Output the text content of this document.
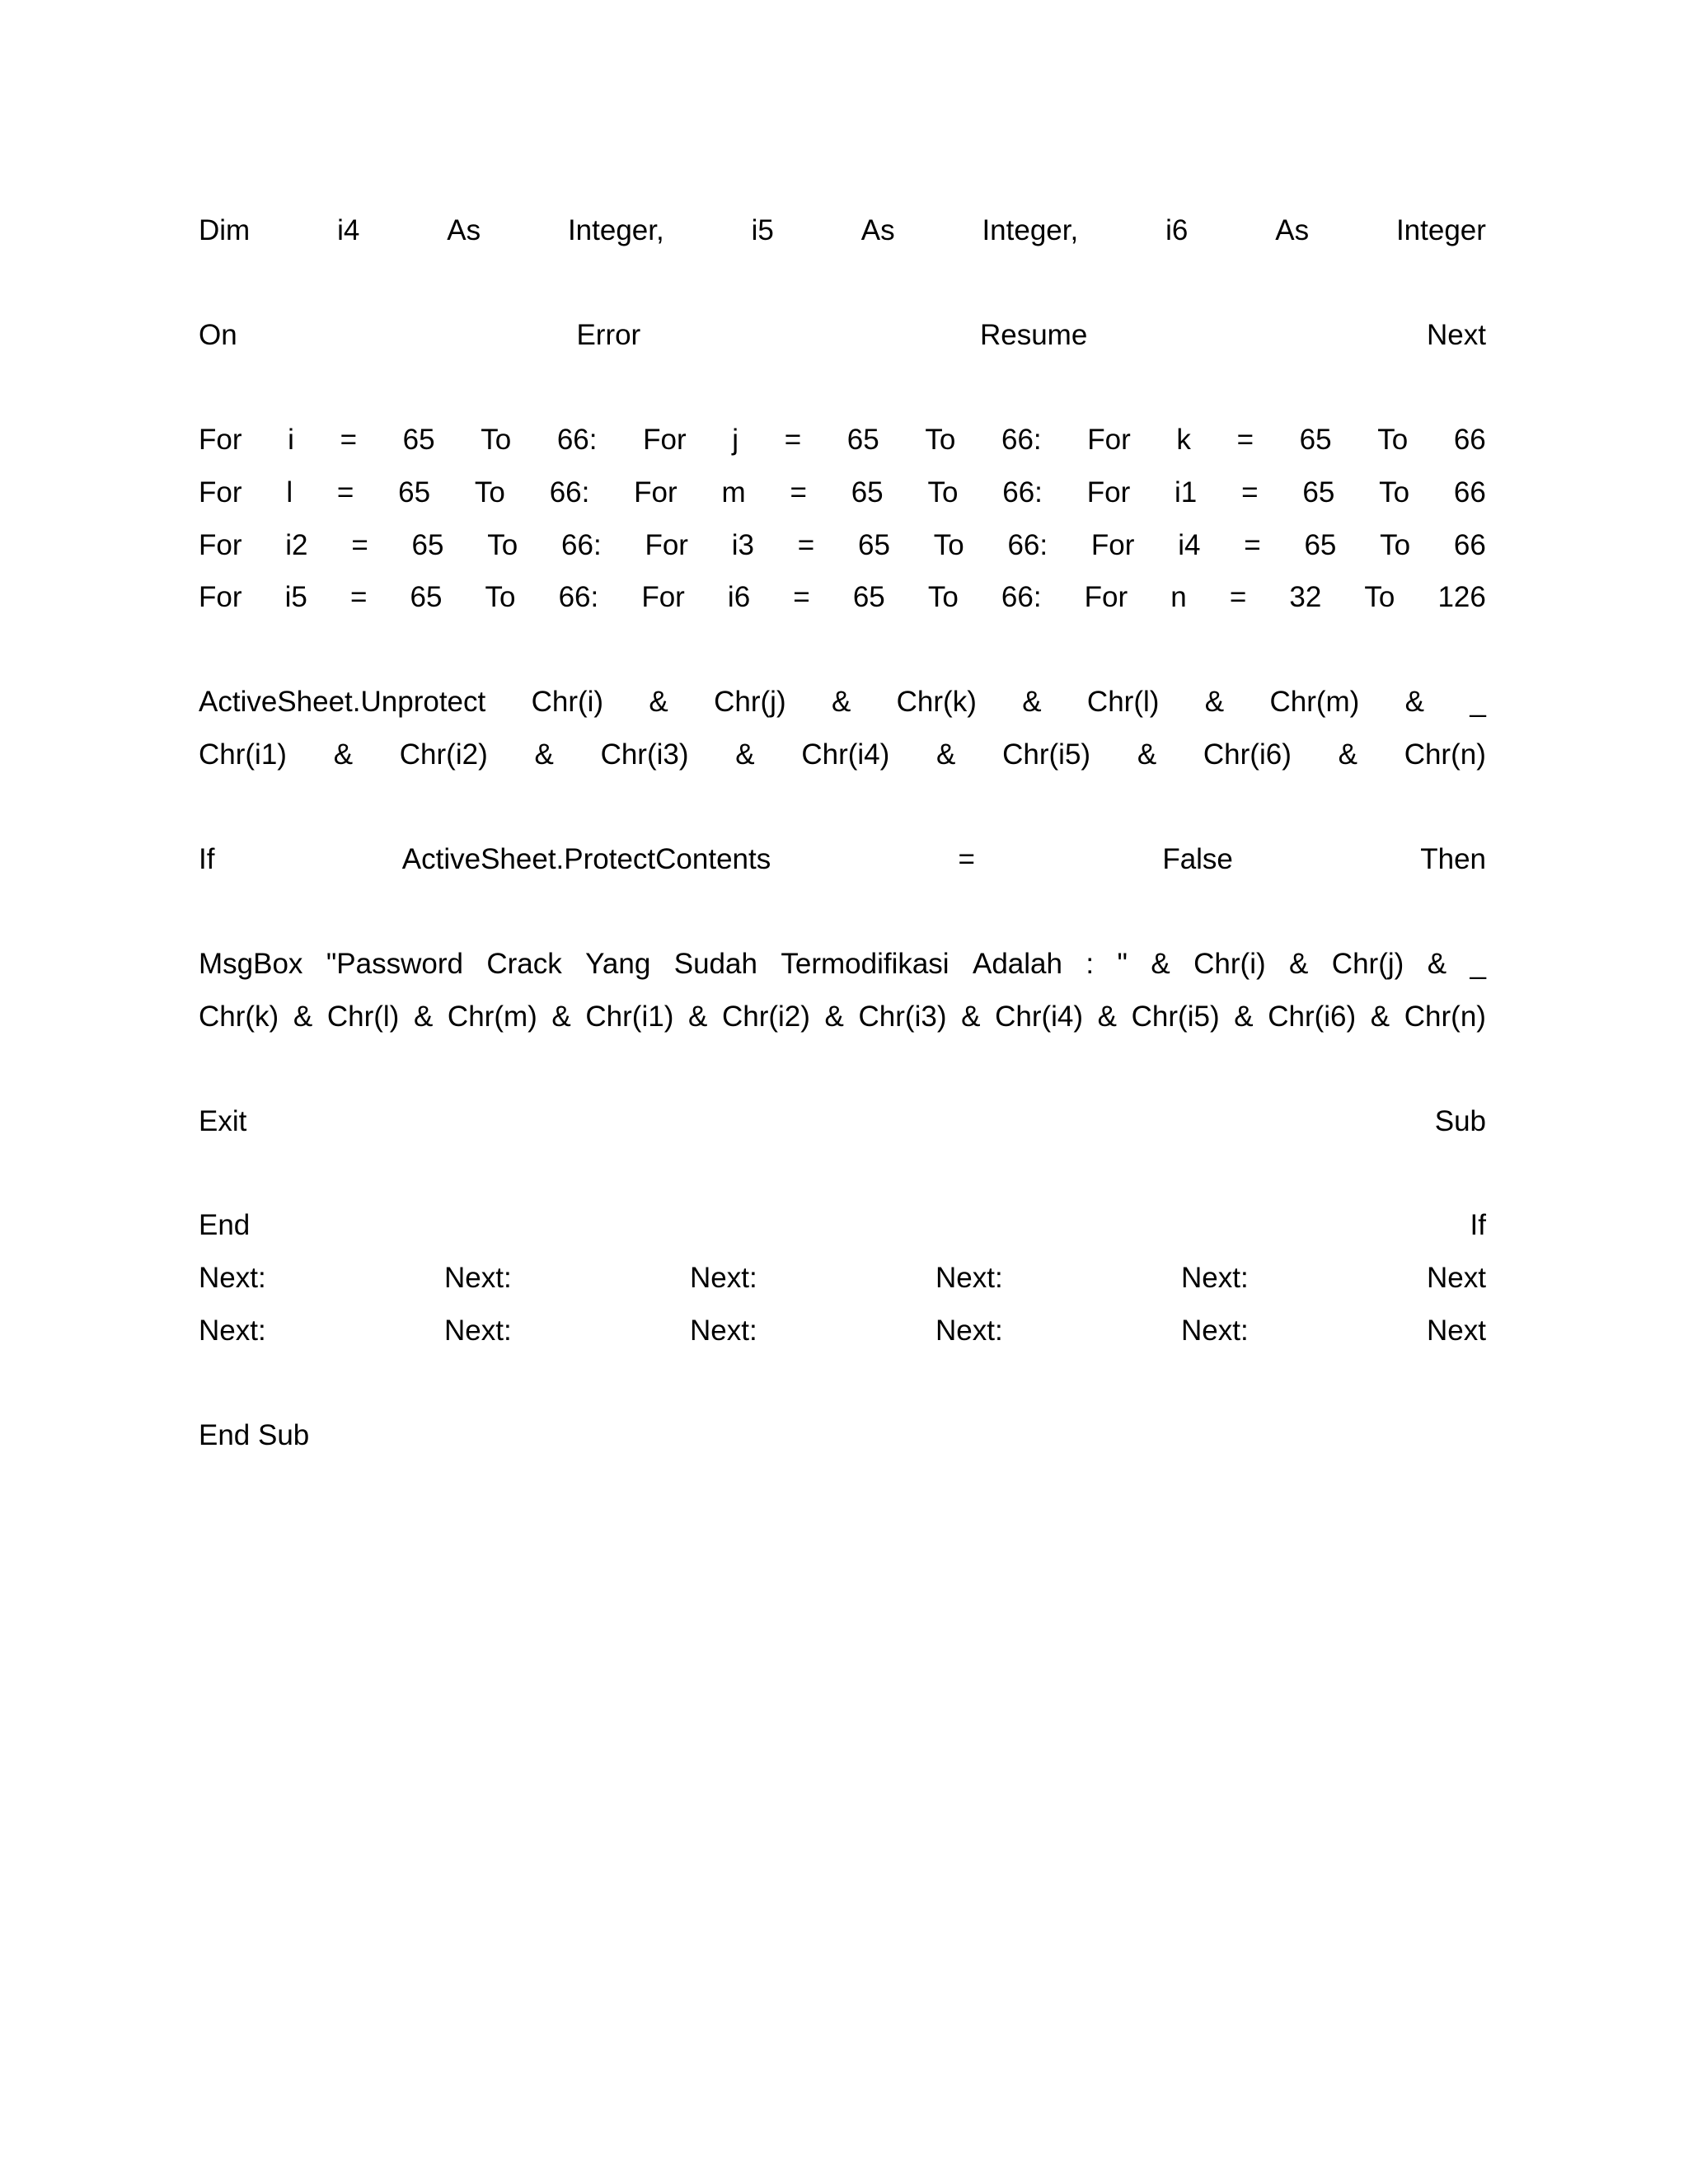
Dim	i4	As	Integer,	i5	As	Integer,	i6	As	Integer
On	Error	Resume	Next
For i = 65 To 66: For j = 65 To 66: For k = 65 To 66
For l = 65 To 66: For m = 65 To 66: For i1 = 65 To 66
For i2 = 65 To 66: For i3 = 65 To 66: For i4 = 65 To 66
For i5 = 65 To 66: For i6 = 65 To 66: For n = 32 To 126
ActiveSheet.Unprotect Chr(i) & Chr(j) & Chr(k) & Chr(l) & Chr(m) & _
Chr(i1) & Chr(i2) & Chr(i3) & Chr(i4) & Chr(i5) & Chr(i6) & Chr(n)
If	ActiveSheet.ProtectContents	=	False	Then
MsgBox "Password Crack Yang Sudah Termodifikasi Adalah : " & Chr(i) & Chr(j) & _
Chr(k) & Chr(l) & Chr(m) & Chr(i1) & Chr(i2) & Chr(i3) & Chr(i4) & Chr(i5) & Chr(i6) & Chr(n)
Exit	Sub
End	If
Next:	Next:	Next:	Next:	Next:	Next
Next:	Next:	Next:	Next:	Next:	Next
End Sub
